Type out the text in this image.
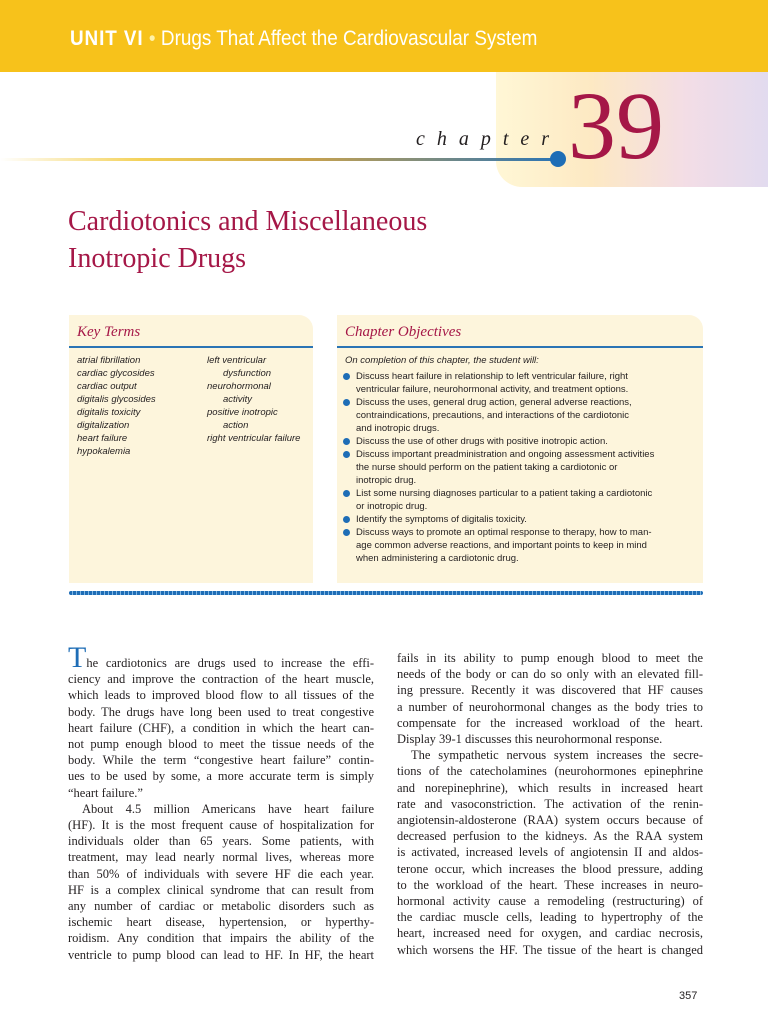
UNIT VI • Drugs That Affect the Cardiovascular System
chapter 39
Cardiotonics and Miscellaneous
Inotropic Drugs
Key Terms
atrial fibrillation
cardiac glycosides
cardiac output
digitalis glycosides
digitalis toxicity
digitalization
heart failure
hypokalemia
left ventricular
dysfunction
neurohormonal
activity
positive inotropic
action
right ventricular failure
Chapter Objectives
On completion of this chapter, the student will:
Discuss heart failure in relationship to left ventricular failure, right
ventricular failure, neurohormonal activity, and treatment options.
Discuss the uses, general drug action, general adverse reactions,
contraindications, precautions, and interactions of the cardiotonic
and inotropic drugs.
Discuss the use of other drugs with positive inotropic action.
Discuss important preadministration and ongoing assessment activities
the nurse should perform on the patient taking a cardiotonic or
inotropic drug.
List some nursing diagnoses particular to a patient taking a cardiotonic
or inotropic drug.
Identify the symptoms of digitalis toxicity.
Discuss ways to promote an optimal response to therapy, how to man-
age common adverse reactions, and important points to keep in mind
when administering a cardiotonic drug.
The cardiotonics are drugs used to increase the effi-
ciency and improve the contraction of the heart muscle,
which leads to improved blood flow to all tissues of the
body. The drugs have long been used to treat congestive
heart failure (CHF), a condition in which the heart can-
not pump enough blood to meet the tissue needs of the
body. While the term “congestive heart failure” contin-
ues to be used by some, a more accurate term is simply
“heart failure.”
About 4.5 million Americans have heart failure
(HF). It is the most frequent cause of hospitalization for
individuals older than 65 years. Some patients, with
treatment, may lead nearly normal lives, whereas more
than 50% of individuals with severe HF die each year.
HF is a complex clinical syndrome that can result from
any number of cardiac or metabolic disorders such as
ischemic heart disease, hypertension, or hyperthy-
roidism. Any condition that impairs the ability of the
ventricle to pump blood can lead to HF. In HF, the heart
fails in its ability to pump enough blood to meet the
needs of the body or can do so only with an elevated fill-
ing pressure. Recently it was discovered that HF causes
a number of neurohormonal changes as the body tries to
compensate for the increased workload of the heart.
Display 39-1 discusses this neurohormonal response.
The sympathetic nervous system increases the secre-
tions of the catecholamines (neurohormones epinephrine
and norepinephrine), which results in increased heart
rate and vasoconstriction. The activation of the renin-
angiotensin-aldosterone (RAA) system occurs because of
decreased perfusion to the kidneys. As the RAA system
is activated, increased levels of angiotensin II and aldos-
terone occur, which increases the blood pressure, adding
to the workload of the heart. These increases in neuro-
hormonal activity cause a remodeling (restructuring) of
the cardiac muscle cells, leading to hypertrophy of the
heart, increased need for oxygen, and cardiac necrosis,
which worsens the HF. The tissue of the heart is changed
357
